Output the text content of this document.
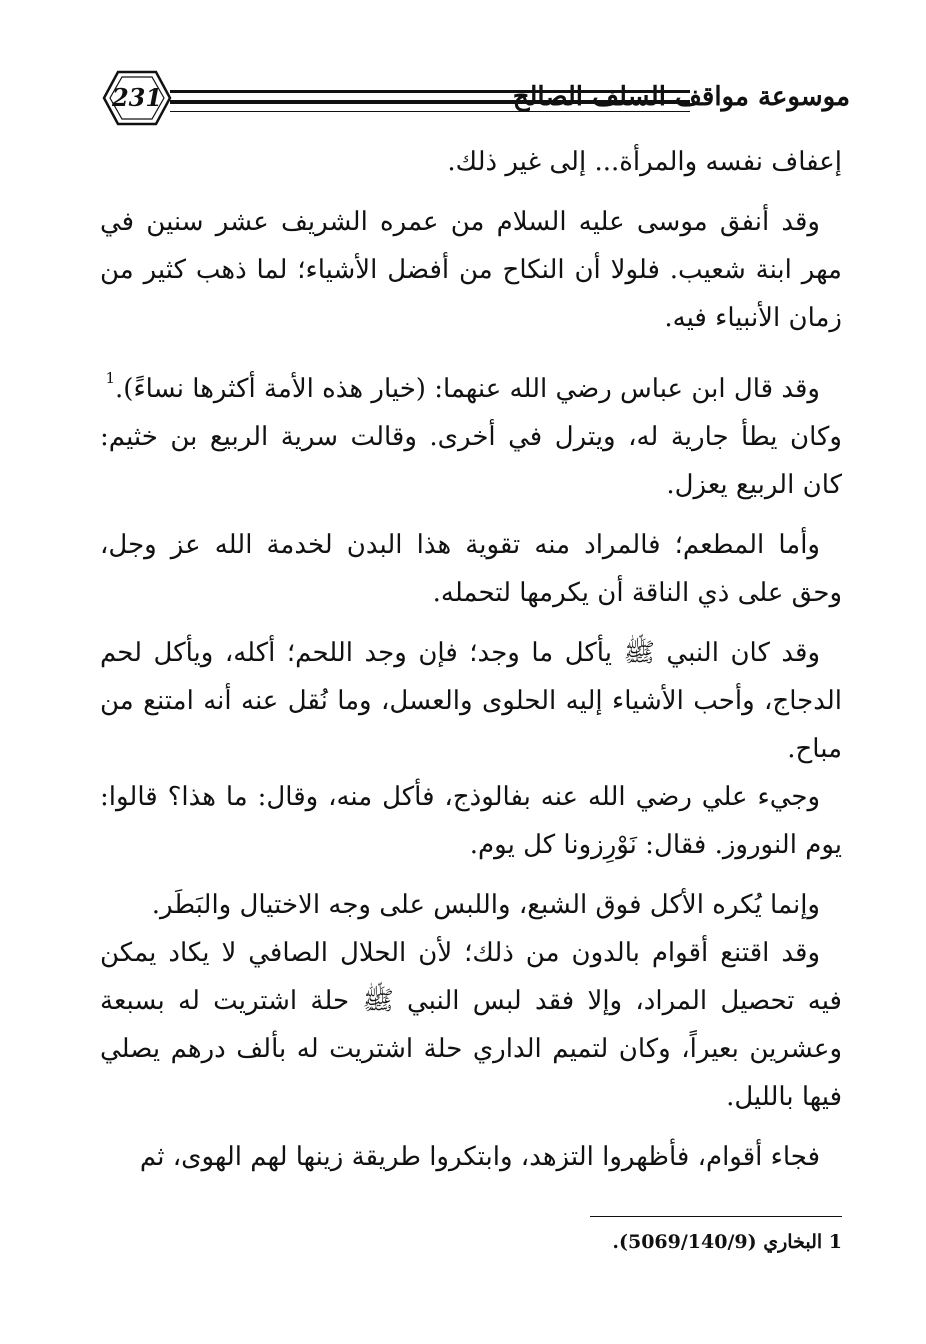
231	موسوعة مواقف السلف الصالح

إعفاف نفسه والمرأة... إلى غير ذلك.

وقد أنفق موسى عليه السلام من عمره الشريف عشر سنين في مهر ابنة شعيب. فلولا أن النكاح من أفضل الأشياء؛ لما ذهب كثير من زمان الأنبياء فيه.

وقد قال ابن عباس رضي الله عنهما: (خيار هذه الأمة أكثرها نساءً).$^1$

وكان يطأ جارية له، ويترل في أخرى. وقالت سرية الربيع بن خثيم: كان الربيع يعزل.

وأما المطعم؛ فالمراد منه تقوية هذا البدن لخدمة الله عز وجل، وحق على ذي الناقة أن يكرمها لتحمله.

وقد كان النبي ﷺ يأكل ما وجد؛ فإن وجد اللحم؛ أكله، ويأكل لحم الدجاج، وأحب الأشياء إليه الحلوى والعسل، وما نُقل عنه أنه امتنع من مباح.

وجيء علي رضي الله عنه بفالوذج، فأكل منه، وقال: ما هذا؟ قالوا: يوم النوروز. فقال: نَوْرِزونا كل يوم.

وإنما يُكره الأكل فوق الشبع، واللبس على وجه الاختيال والبَطَر.

وقد اقتنع أقوام بالدون من ذلك؛ لأن الحلال الصافي لا يكاد يمكن فيه تحصيل المراد، وإلا فقد لبس النبي ﷺ حلة اشتريت له بسبعة وعشرين بعيراً، وكان لتميم الداري حلة اشتريت له بألف درهم يصلي فيها بالليل.

فجاء أقوام، فأظهروا التزهد، وابتكروا طريقة زينها لهم الهوى، ثم

1 البخاري (5069/140/9).
